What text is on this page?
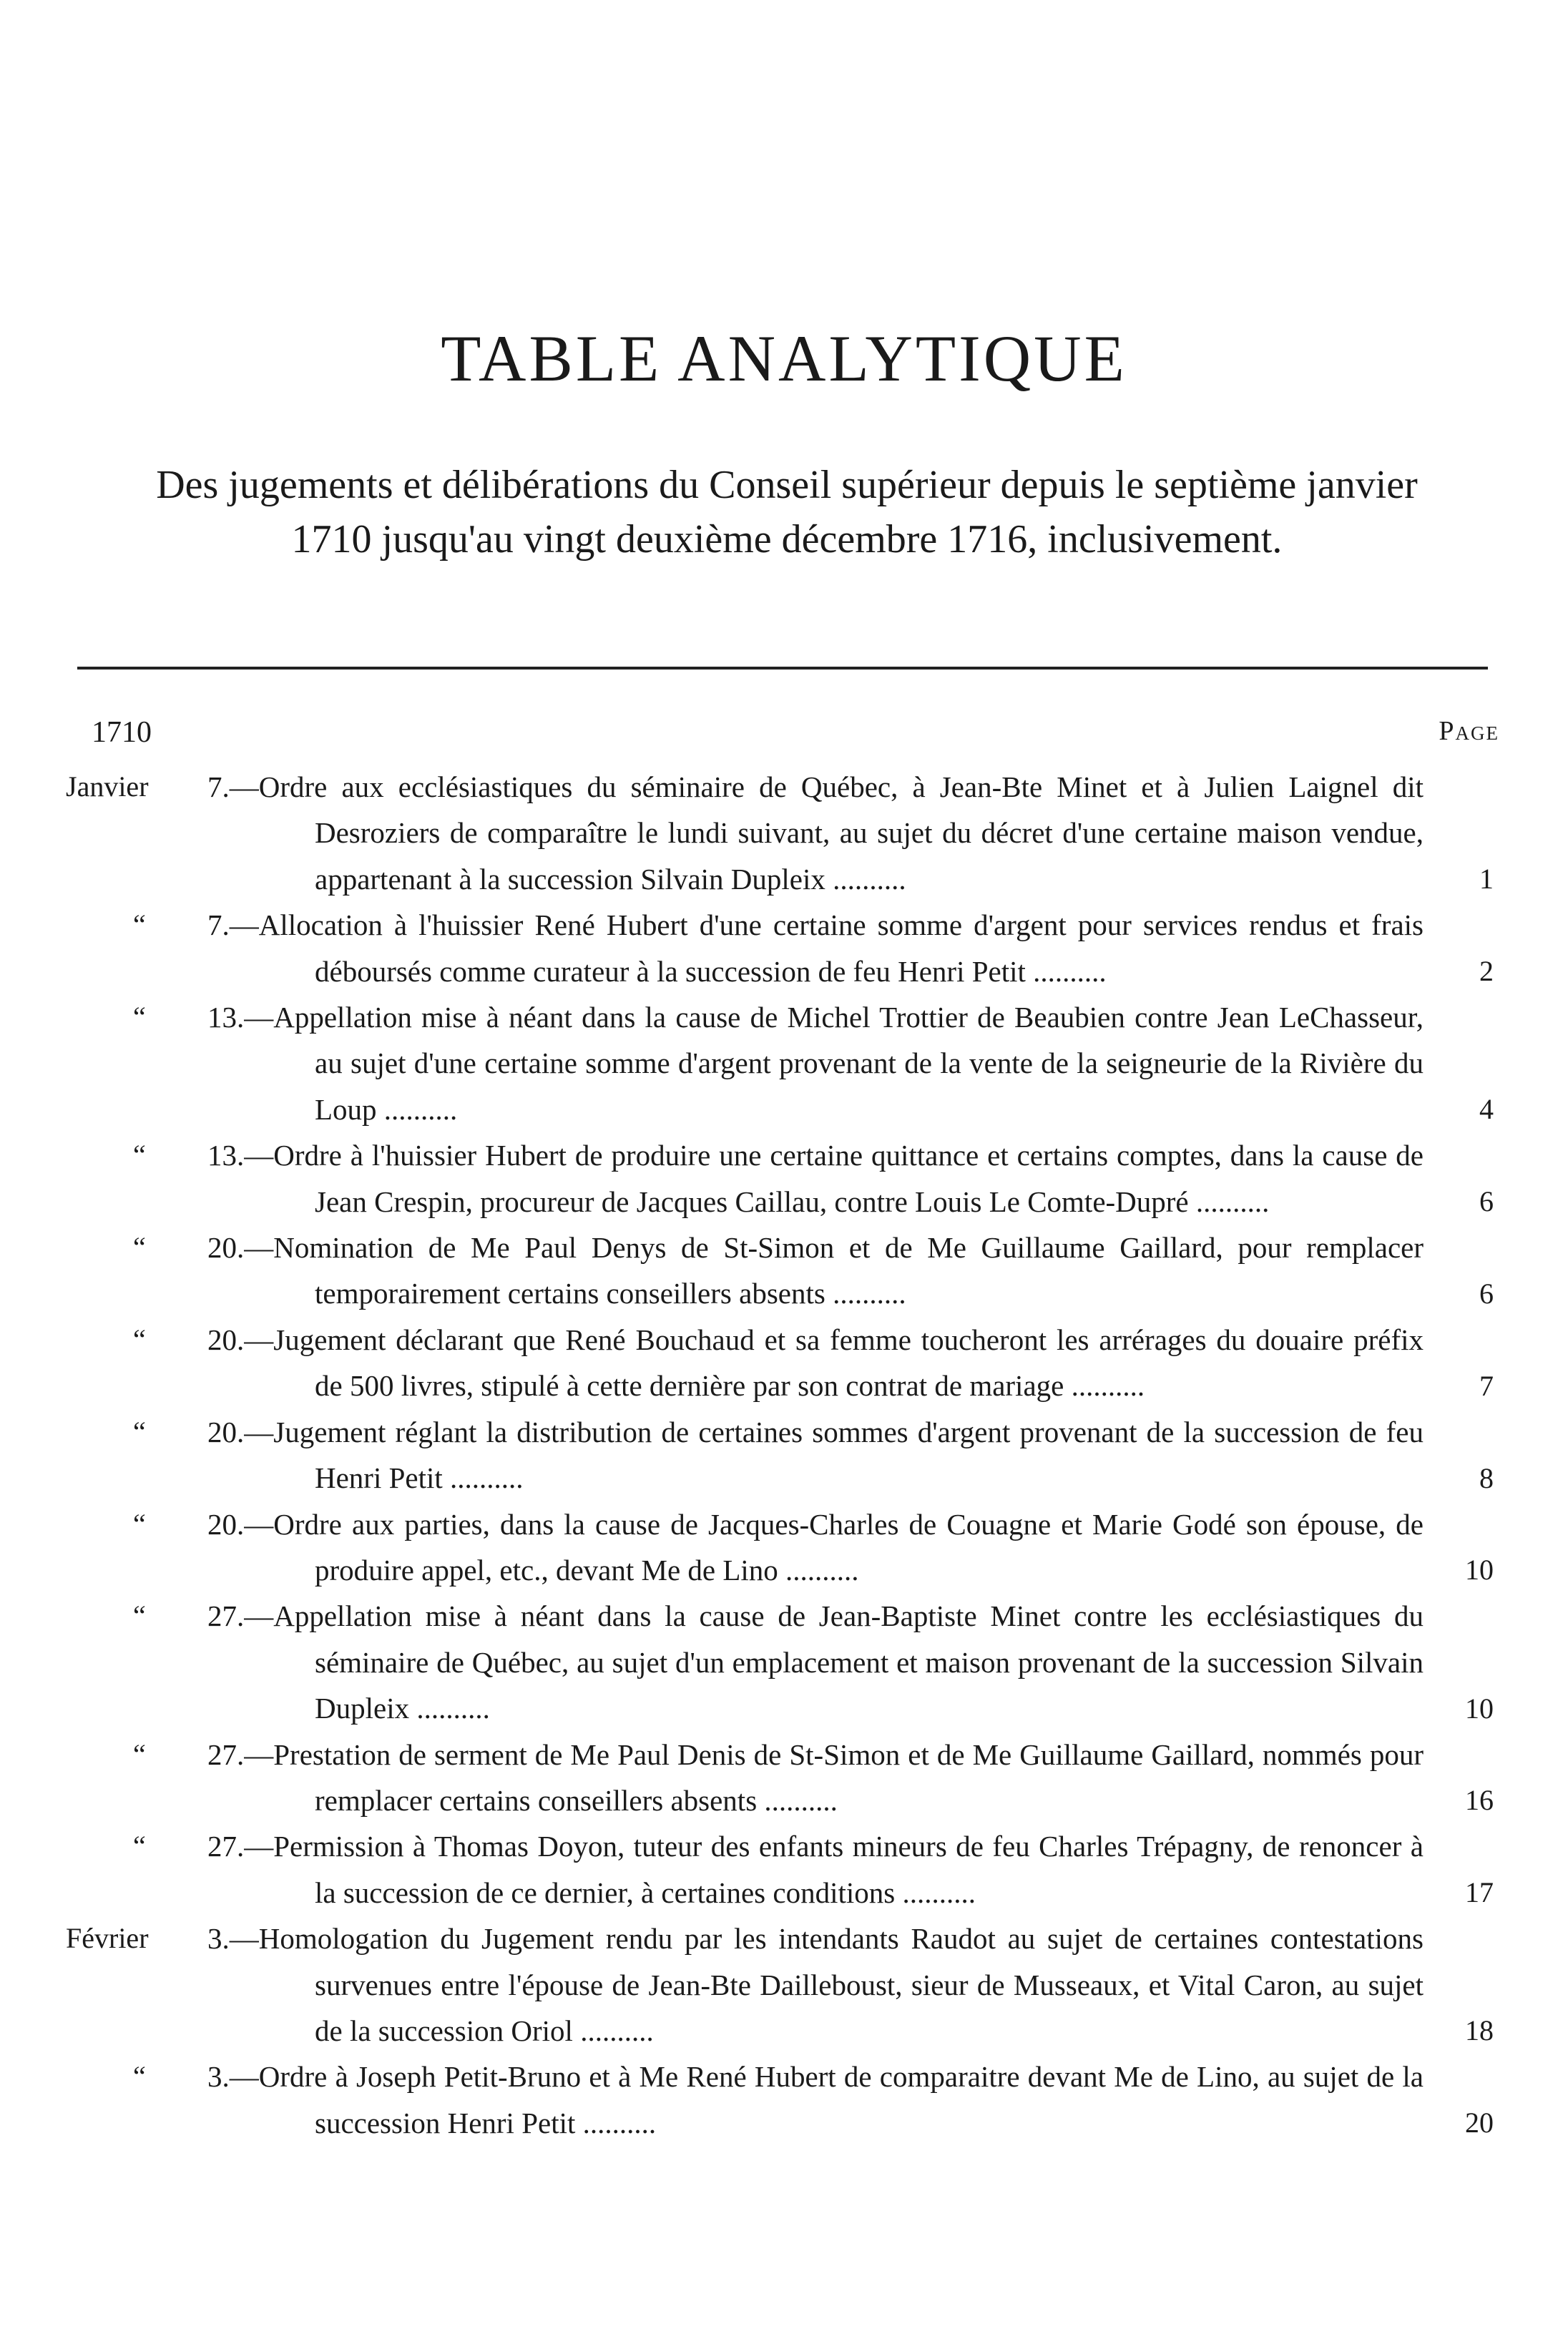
TABLE ANALYTIQUE
Des jugements et délibérations du Conseil supérieur depuis le septième janvier 1710 jusqu'au vingt deuxième décembre 1716, inclusivement.
1710	Page
Janvier 7.—Ordre aux ecclésiastiques du séminaire de Québec, à Jean-Bte Minet et à Julien Laignel dit Desroziers de comparaître le lundi suivant, au sujet du décret d'une certaine maison vendue, appartenant à la succession Silvain Dupleix ..........	1
“ 7.—Allocation à l'huissier René Hubert d'une certaine somme d'argent pour services rendus et frais déboursés comme curateur à la succession de feu Henri Petit ..........	2
“ 13.—Appellation mise à néant dans la cause de Michel Trottier de Beaubien contre Jean LeChasseur, au sujet d'une certaine somme d'argent provenant de la vente de la seigneurie de la Rivière du Loup ..........	4
“ 13.—Ordre à l'huissier Hubert de produire une certaine quittance et certains comptes, dans la cause de Jean Crespin, procureur de Jacques Caillau, contre Louis Le Comte-Dupré ..........	6
“ 20.—Nomination de Me Paul Denys de St-Simon et de Me Guillaume Gaillard, pour remplacer temporairement certains conseillers absents ..........	6
“ 20.—Jugement déclarant que René Bouchaud et sa femme toucheront les arrérages du douaire préfix de 500 livres, stipulé à cette dernière par son contrat de mariage ..........	7
“ 20.—Jugement réglant la distribution de certaines sommes d'argent provenant de la succession de feu Henri Petit ..........	8
“ 20.—Ordre aux parties, dans la cause de Jacques-Charles de Couagne et Marie Godé son épouse, de produire appel, etc., devant Me de Lino ..........	10
“ 27.—Appellation mise à néant dans la cause de Jean-Baptiste Minet contre les ecclésiastiques du séminaire de Québec, au sujet d'un emplacement et maison provenant de la succession Silvain Dupleix ..........	10
“ 27.—Prestation de serment de Me Paul Denis de St-Simon et de Me Guillaume Gaillard, nommés pour remplacer certains conseillers absents ..........	16
“ 27.—Permission à Thomas Doyon, tuteur des enfants mineurs de feu Charles Trépagny, de renoncer à la succession de ce dernier, à certaines conditions ..........	17
Février 3.—Homologation du Jugement rendu par les intendants Raudot au sujet de certaines contestations survenues entre l'épouse de Jean-Bte Dailleboust, sieur de Musseaux, et Vital Caron, au sujet de la succession Oriol ..........	18
“ 3.—Ordre à Joseph Petit-Bruno et à Me René Hubert de comparaitre devant Me de Lino, au sujet de la succession Henri Petit ..........	20
